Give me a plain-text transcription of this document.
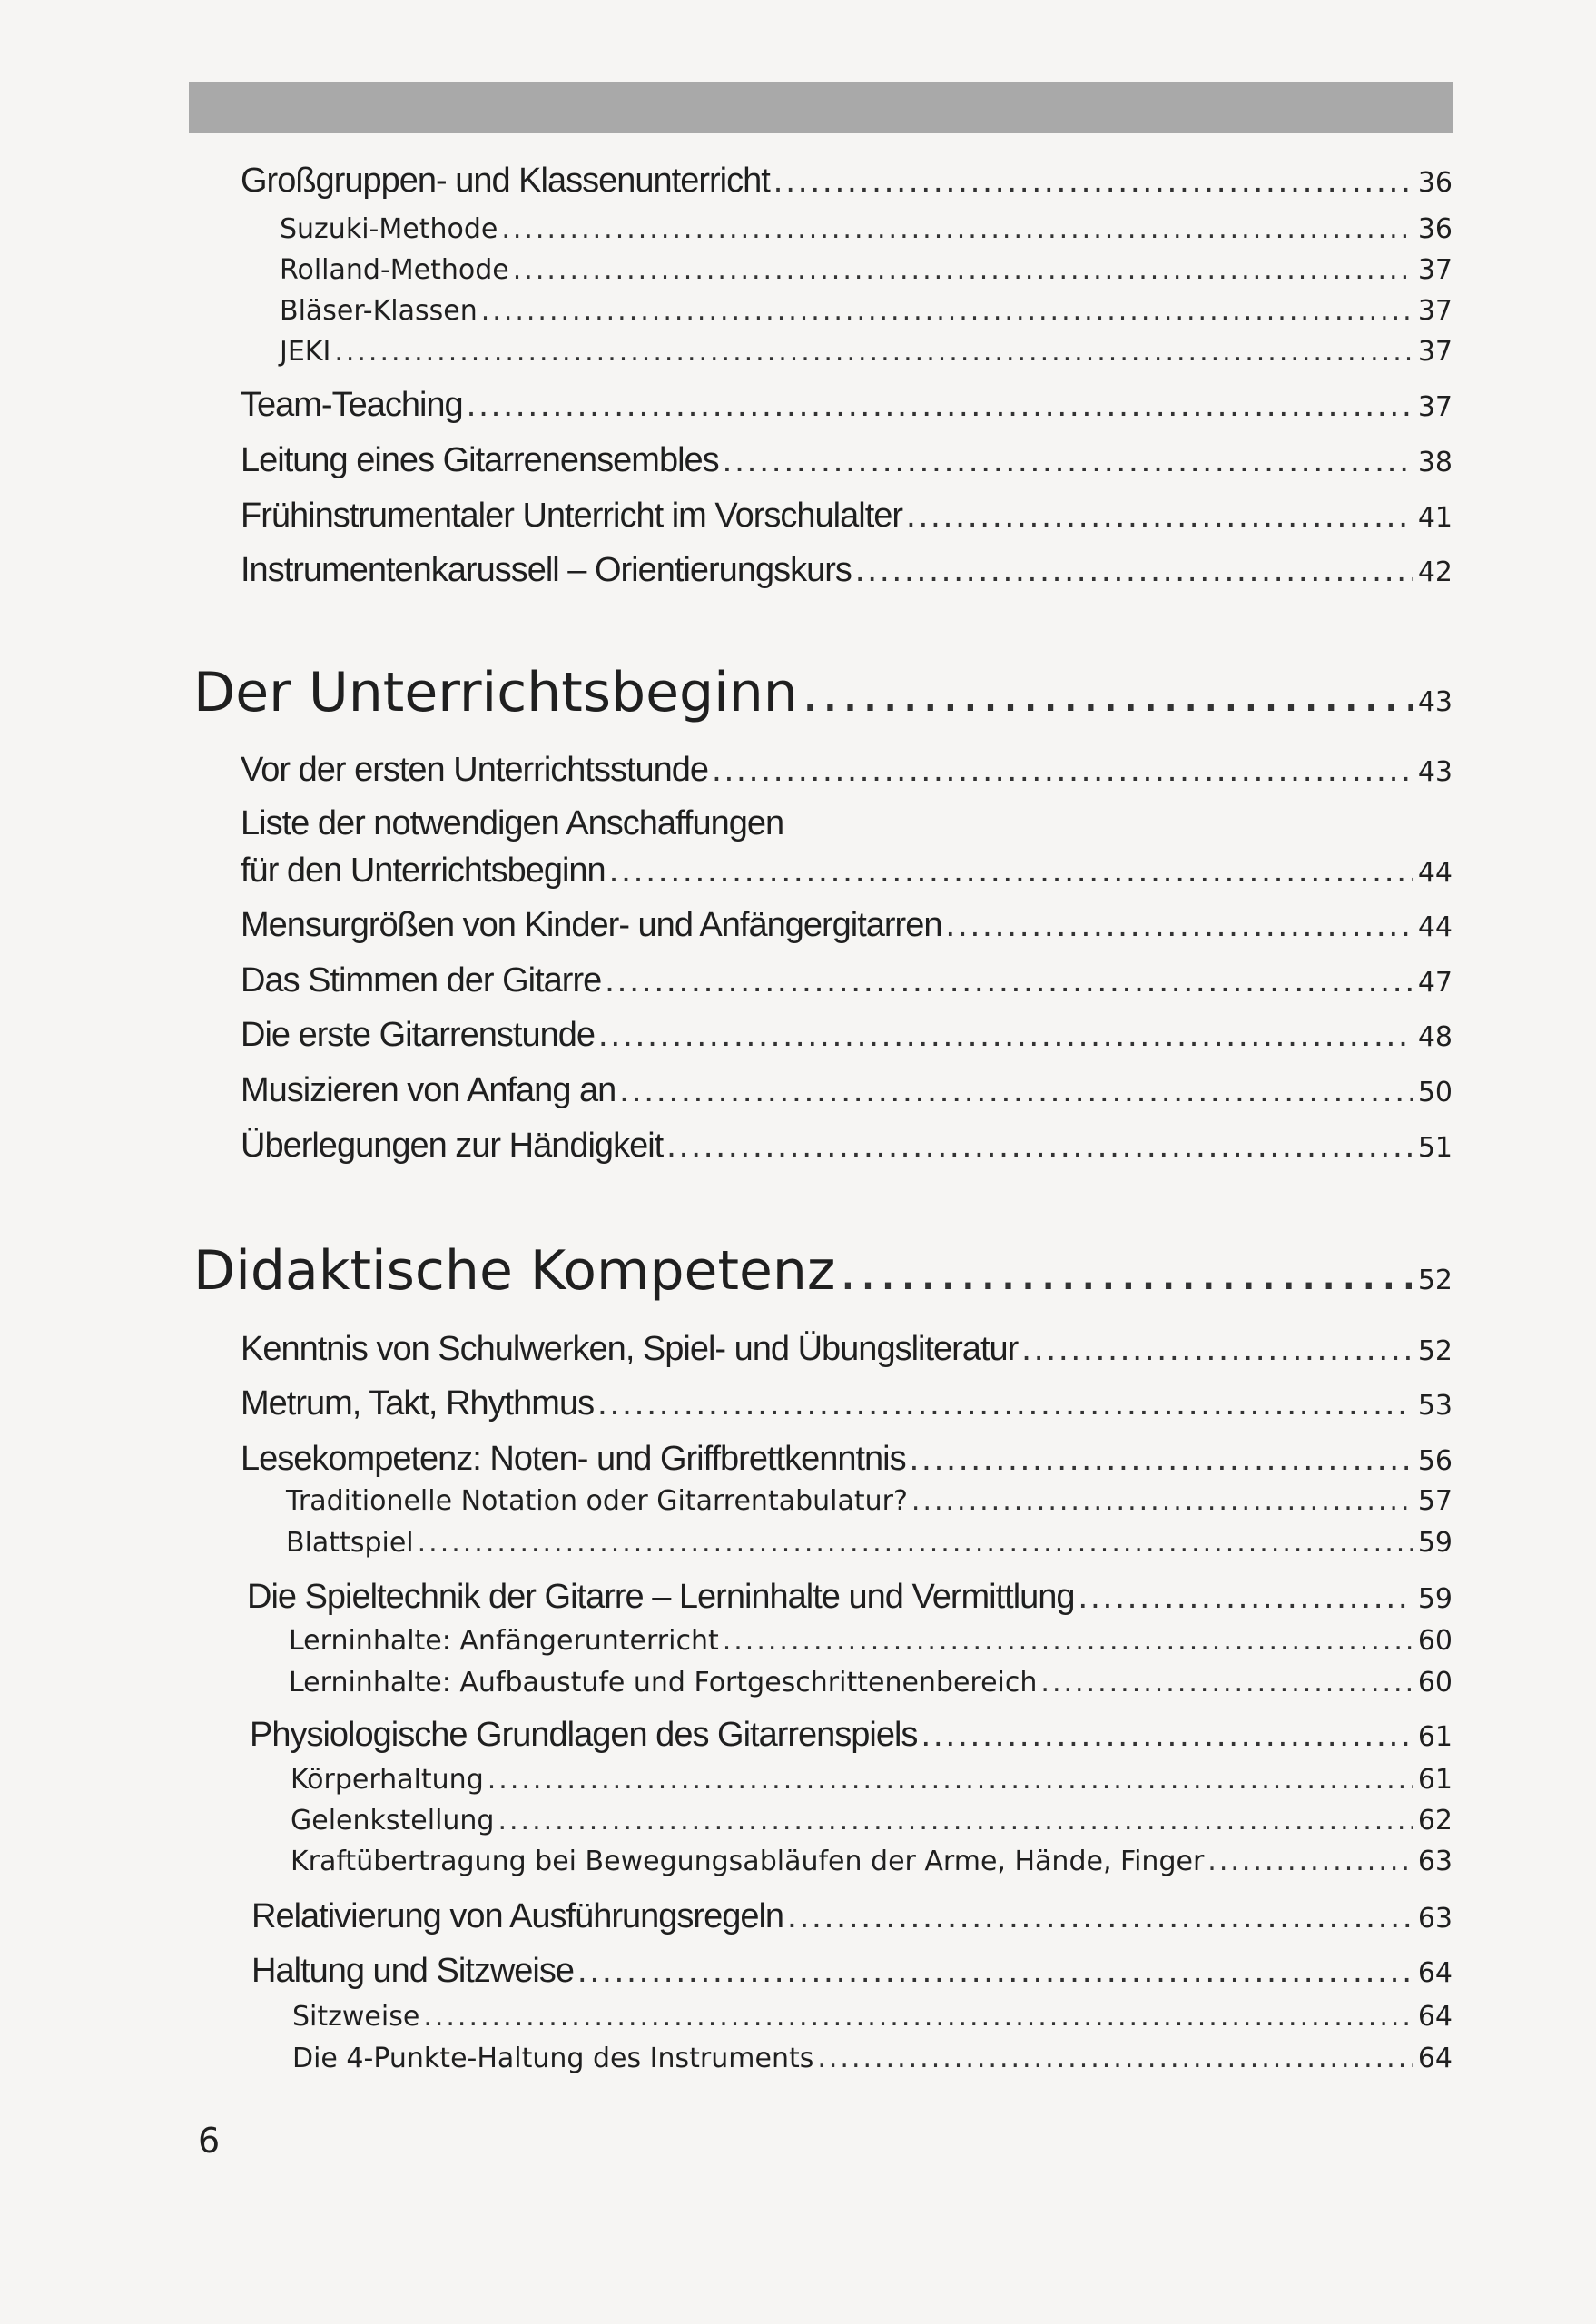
Großgruppen- und Klassenunterricht .....	36
Suzuki-Methode .....	36
Rolland-Methode .....	37
Bläser-Klassen .....	37
JEKI .....	37
Team-Teaching .....	37
Leitung eines Gitarrenensembles .....	38
Frühinstrumentaler Unterricht im Vorschulalter .....	41
Instrumentenkarussell – Orientierungskurs .....	42
Der Unterrichtsbeginn .....	43
Vor der ersten Unterrichtsstunde .....	43
Liste der notwendigen Anschaffungen
für den Unterrichtsbeginn .....	44
Mensurgrößen von Kinder- und Anfängergitarren .....	44
Das Stimmen der Gitarre .....	47
Die erste Gitarrenstunde .....	48
Musizieren von Anfang an .....	50
Überlegungen zur Händigkeit .....	51
Didaktische Kompetenz .....	52
Kenntnis von Schulwerken, Spiel- und Übungsliteratur .....	52
Metrum, Takt, Rhythmus .....	53
Lesekompetenz: Noten- und Griffbrettkenntnis .....	56
Traditionelle Notation oder Gitarrentabulatur? .....	57
Blattspiel .....	59
Die Spieltechnik der Gitarre – Lerninhalte und Vermittlung .....	59
Lerninhalte: Anfängerunterricht .....	60
Lerninhalte: Aufbaustufe und Fortgeschrittenenbereich .....	60
Physiologische Grundlagen des Gitarrenspiels .....	61
Körperhaltung .....	61
Gelenkstellung .....	62
Kraftübertragung bei Bewegungsabläufen der Arme, Hände, Finger .....	63
Relativierung von Ausführungsregeln .....	63
Haltung und Sitzweise .....	64
Sitzweise .....	64
Die 4-Punkte-Haltung des Instruments .....	64
6
